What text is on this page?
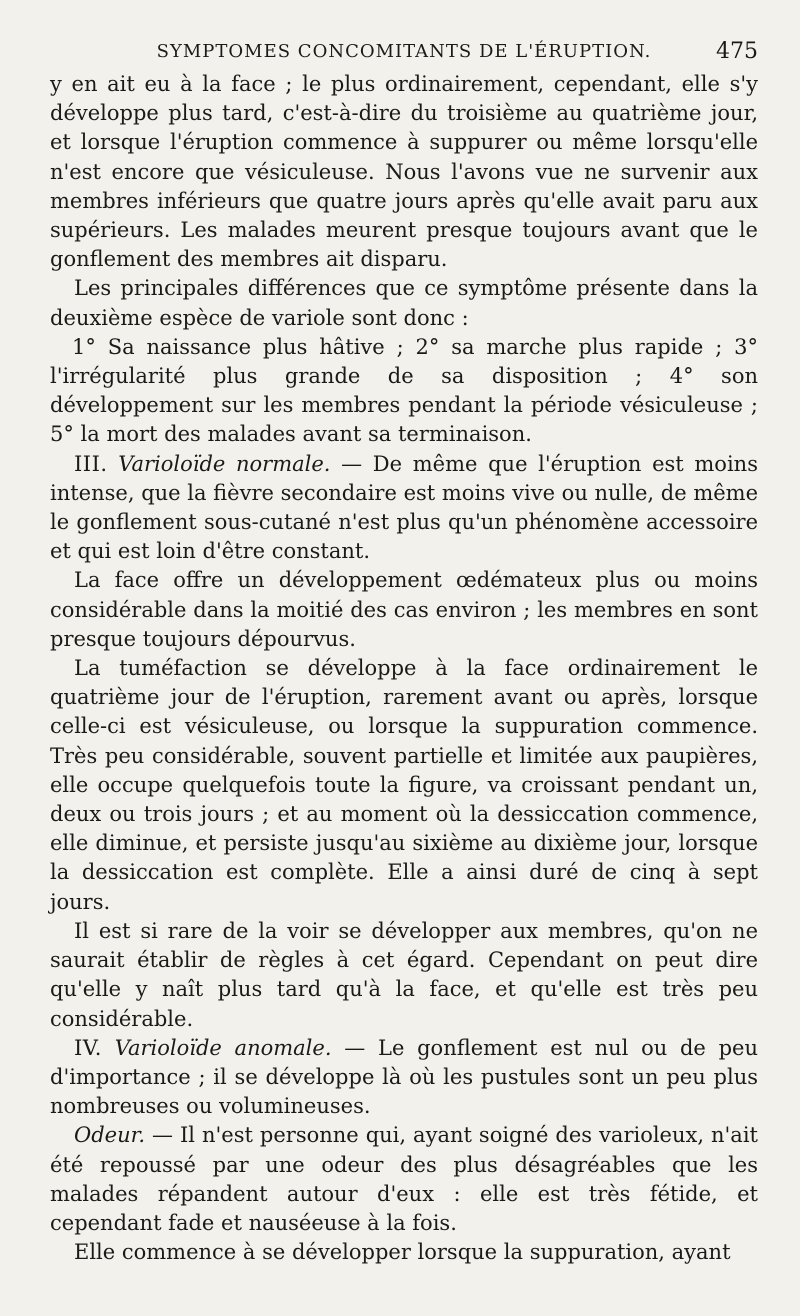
SYMPTOMES CONCOMITANTS DE L'ÉRUPTION.	475

y en ait eu à la face ; le plus ordinairement, cependant, elle s'y développe plus tard, c'est-à-dire du troisième au quatrième jour, et lorsque l'éruption commence à suppurer ou même lorsqu'elle n'est encore que vésiculeuse. Nous l'avons vue ne survenir aux membres inférieurs que quatre jours après qu'elle avait paru aux supérieurs. Les malades meurent presque toujours avant que le gonflement des membres ait disparu.

Les principales différences que ce symptôme présente dans la deuxième espèce de variole sont donc :

1° Sa naissance plus hâtive ; 2° sa marche plus rapide ; 3° l'irrégularité plus grande de sa disposition ; 4° son développement sur les membres pendant la période vésiculeuse ; 5° la mort des malades avant sa terminaison.

III. Varioloïde normale. — De même que l'éruption est moins intense, que la fièvre secondaire est moins vive ou nulle, de même le gonflement sous-cutané n'est plus qu'un phénomène accessoire et qui est loin d'être constant.

La face offre un développement œdémateux plus ou moins considérable dans la moitié des cas environ ; les membres en sont presque toujours dépourvus.

La tuméfaction se développe à la face ordinairement le quatrième jour de l'éruption, rarement avant ou après, lorsque celle-ci est vésiculeuse, ou lorsque la suppuration commence. Très peu considérable, souvent partielle et limitée aux paupières, elle occupe quelquefois toute la figure, va croissant pendant un, deux ou trois jours ; et au moment où la dessiccation commence, elle diminue, et persiste jusqu'au sixième au dixième jour, lorsque la dessiccation est complète. Elle a ainsi duré de cinq à sept jours.

Il est si rare de la voir se développer aux membres, qu'on ne saurait établir de règles à cet égard. Cependant on peut dire qu'elle y naît plus tard qu'à la face, et qu'elle est très peu considérable.

IV. Varioloïde anomale. — Le gonflement est nul ou de peu d'importance ; il se développe là où les pustules sont un peu plus nombreuses ou volumineuses.

Odeur. — Il n'est personne qui, ayant soigné des varioleux, n'ait été repoussé par une odeur des plus désagréables que les malades répandent autour d'eux : elle est très fétide, et cependant fade et nauséeuse à la fois.

Elle commence à se développer lorsque la suppuration, ayant
